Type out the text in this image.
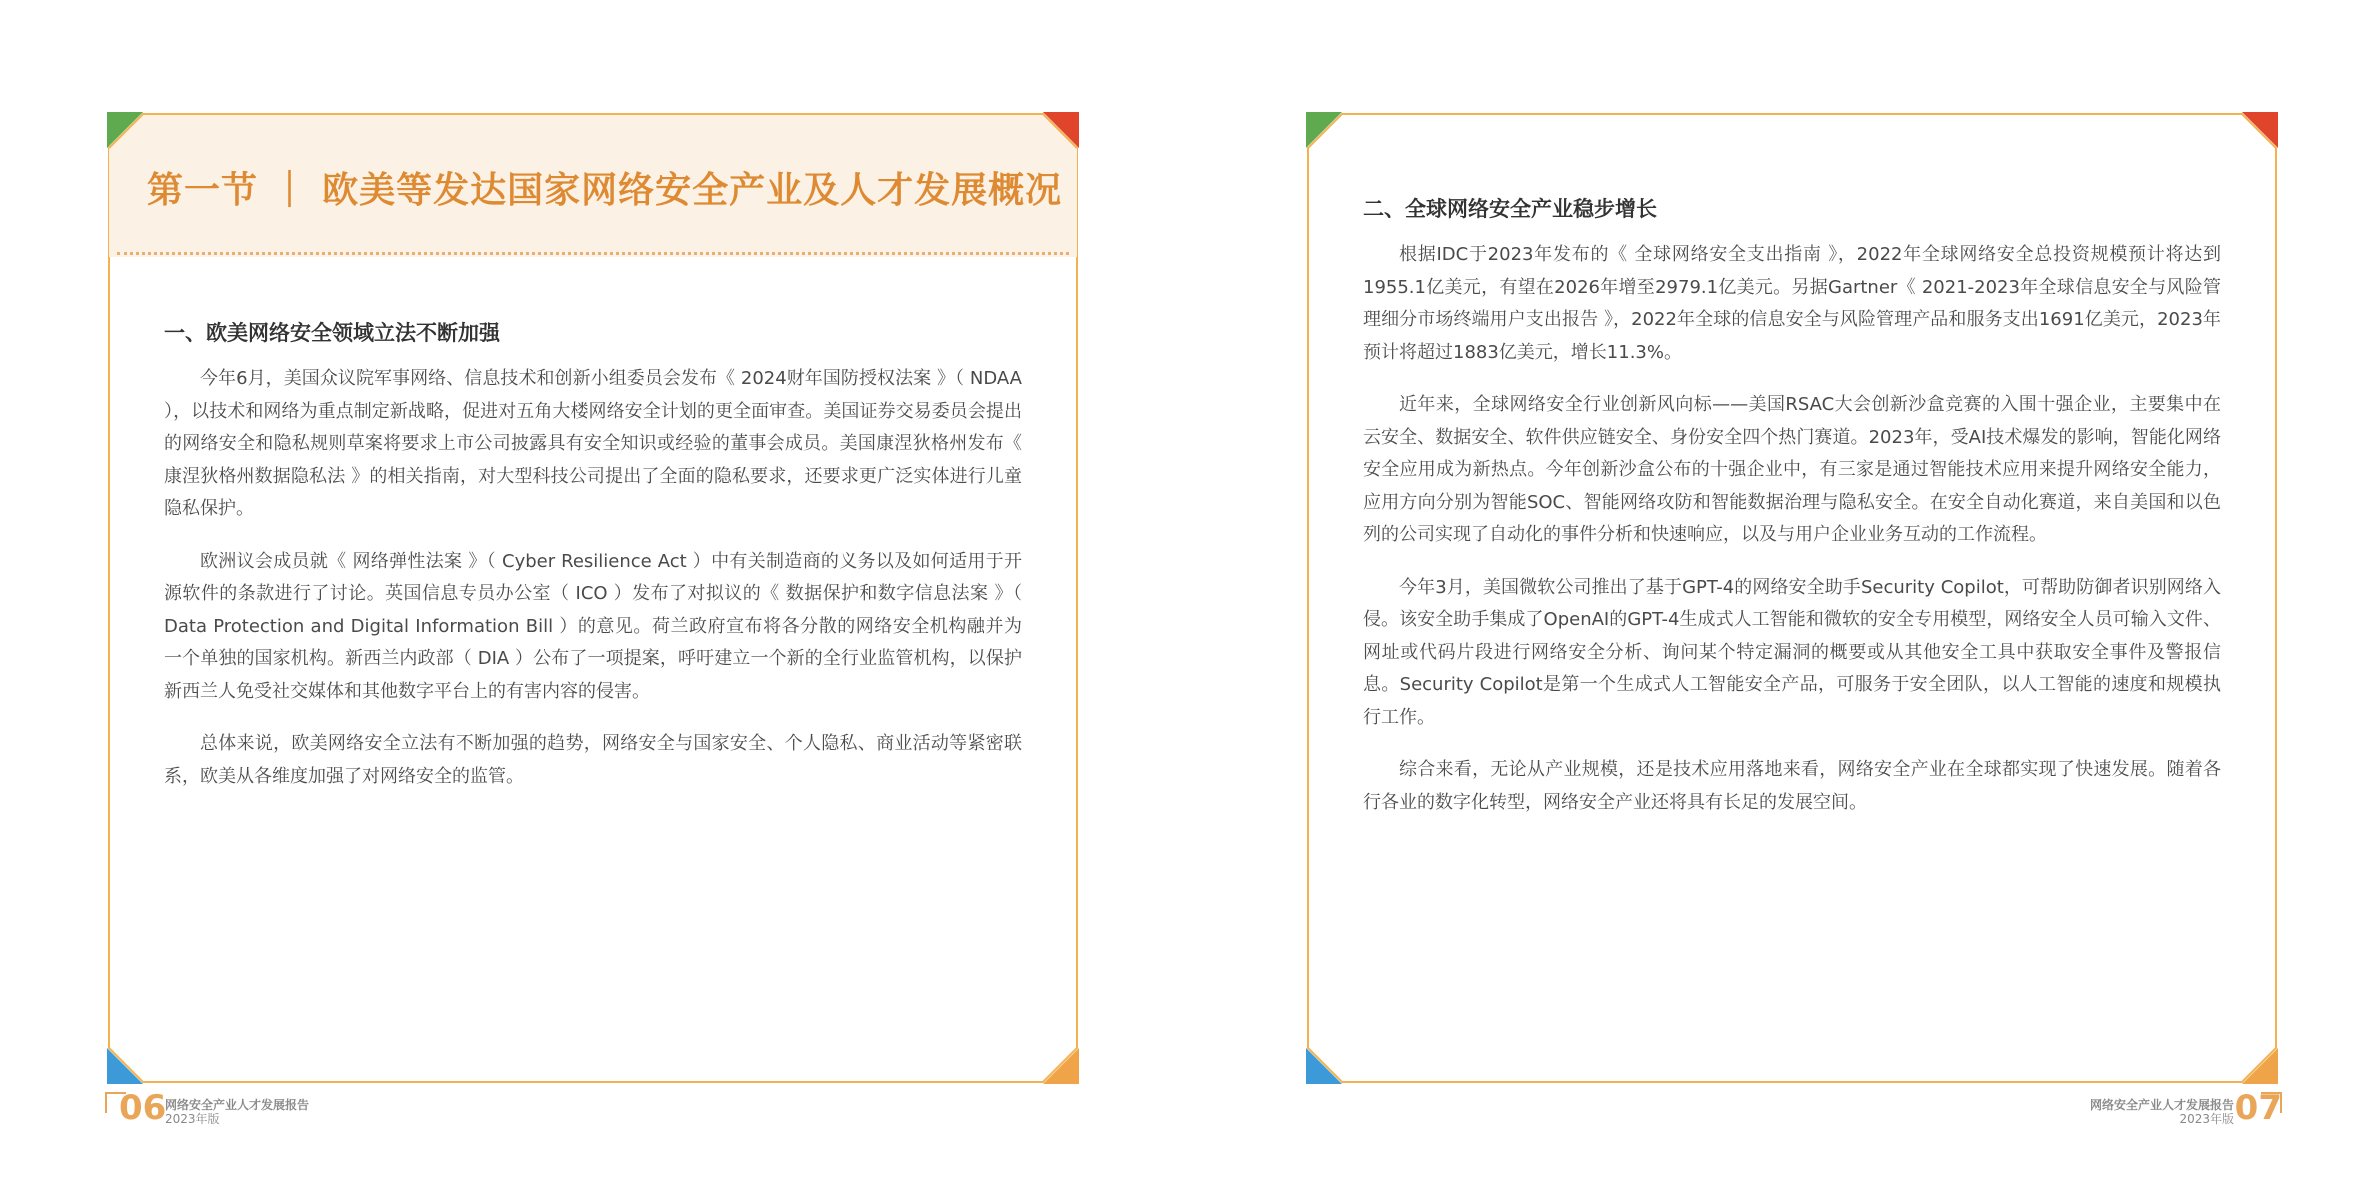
第一节 ｜ 欧美等发达国家网络安全产业及人才发展概况
一、欧美网络安全领域立法不断加强

今年6月，美国众议院军事网络、信息技术和创新小组委员会发布《 2024财年国防授权法案 》（ NDAA ），以技术和网络为重点制定新战略，促进对五角大楼网络安全计划的更全面审查。美国证券交易委员会提出的网络安全和隐私规则草案将要求上市公司披露具有安全知识或经验的董事会成员。美国康涅狄格州发布《 康涅狄格州数据隐私法 》的相关指南，对大型科技公司提出了全面的隐私要求，还要求更广泛实体进行儿童隐私保护。

欧洲议会成员就《 网络弹性法案 》（ Cyber Resilience Act ）中有关制造商的义务以及如何适用于开源软件的条款进行了讨论。英国信息专员办公室（ ICO ）发布了对拟议的《 数据保护和数字信息法案 》（ Data Protection and Digital Information Bill ）的意见。荷兰政府宣布将各分散的网络安全机构融并为一个单独的国家机构。新西兰内政部（ DIA ）公布了一项提案，呼吁建立一个新的全行业监管机构，以保护新西兰人免受社交媒体和其他数字平台上的有害内容的侵害。

总体来说，欧美网络安全立法有不断加强的趋势，网络安全与国家安全、个人隐私、商业活动等紧密联系，欧美从各维度加强了对网络安全的监管。

二、全球网络安全产业稳步增长

根据IDC于2023年发布的《 全球网络安全支出指南 》，2022年全球网络安全总投资规模预计将达到1955.1亿美元，有望在2026年增至2979.1亿美元。另据Gartner《 2021-2023年全球信息安全与风险管理细分市场终端用户支出报告 》，2022年全球的信息安全与风险管理产品和服务支出1691亿美元，2023年预计将超过1883亿美元，增长11.3%。

近年来，全球网络安全行业创新风向标——美国RSAC大会创新沙盒竞赛的入围十强企业，主要集中在云安全、数据安全、软件供应链安全、身份安全四个热门赛道。2023年，受AI技术爆发的影响，智能化网络安全应用成为新热点。今年创新沙盒公布的十强企业中，有三家是通过智能技术应用来提升网络安全能力，应用方向分别为智能SOC、智能网络攻防和智能数据治理与隐私安全。在安全自动化赛道，来自美国和以色列的公司实现了自动化的事件分析和快速响应，以及与用户企业业务互动的工作流程。

今年3月，美国微软公司推出了基于GPT-4的网络安全助手Security Copilot，可帮助防御者识别网络入侵。该安全助手集成了OpenAI的GPT-4生成式人工智能和微软的安全专用模型，网络安全人员可输入文件、网址或代码片段进行网络安全分析、询问某个特定漏洞的概要或从其他安全工具中获取安全事件及警报信息。Security Copilot是第一个生成式人工智能安全产品，可服务于安全团队，以人工智能的速度和规模执行工作。

综合来看，无论从产业规模，还是技术应用落地来看，网络安全产业在全球都实现了快速发展。随着各行各业的数字化转型，网络安全产业还将具有长足的发展空间。

06
网络安全产业人才发展报告
2023年版	07
网络安全产业人才发展报告
2023年版
